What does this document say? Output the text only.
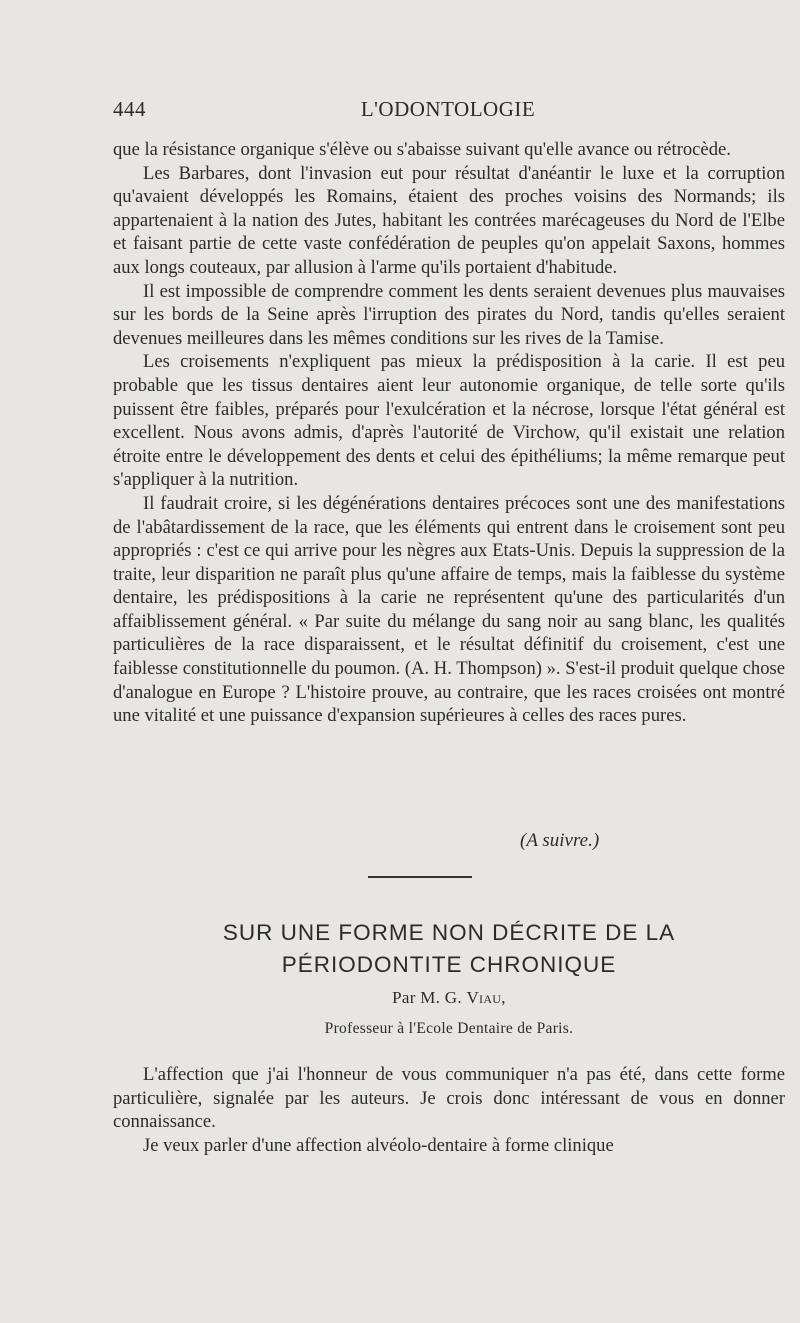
444	L'ODONTOLOGIE

que la résistance organique s'élève ou s'abaisse suivant qu'elle avance ou rétrocède.

Les Barbares, dont l'invasion eut pour résultat d'anéantir le luxe et la corruption qu'avaient développés les Romains, étaient des proches voisins des Normands; ils appartenaient à la nation des Jutes, habitant les contrées marécageuses du Nord de l'Elbe et faisant partie de cette vaste confédération de peuples qu'on appelait Saxons, hommes aux longs couteaux, par allusion à l'arme qu'ils portaient d'habitude.

Il est impossible de comprendre comment les dents seraient devenues plus mauvaises sur les bords de la Seine après l'irruption des pirates du Nord, tandis qu'elles seraient devenues meilleures dans les mêmes conditions sur les rives de la Tamise.

Les croisements n'expliquent pas mieux la prédisposition à la carie. Il est peu probable que les tissus dentaires aient leur autonomie organique, de telle sorte qu'ils puissent être faibles, préparés pour l'exulcération et la nécrose, lorsque l'état général est excellent. Nous avons admis, d'après l'autorité de Virchow, qu'il existait une relation étroite entre le développement des dents et celui des épithéliums; la même remarque peut s'appliquer à la nutrition.

Il faudrait croire, si les dégénérations dentaires précoces sont une des manifestations de l'abâtardissement de la race, que les éléments qui entrent dans le croisement sont peu appropriés : c'est ce qui arrive pour les nègres aux Etats-Unis. Depuis la suppression de la traite, leur disparition ne paraît plus qu'une affaire de temps, mais la faiblesse du système dentaire, les prédispositions à la carie ne représentent qu'une des particularités d'un affaiblissement général. « Par suite du mélange du sang noir au sang blanc, les qualités particulières de la race disparaissent, et le résultat définitif du croisement, c'est une faiblesse constitutionnelle du poumon. (A. H. Thompson) ». S'est-il produit quelque chose d'analogue en Europe ? L'histoire prouve, au contraire, que les races croisées ont montré une vitalité et une puissance d'expansion supérieures à celles des races pures.

(A suivre.)
SUR UNE FORME NON DÉCRITE DE LA
PÉRIODONTITE CHRONIQUE
Par M. G. Viau,
Professeur à l'Ecole Dentaire de Paris.

L'affection que j'ai l'honneur de vous communiquer n'a pas été, dans cette forme particulière, signalée par les auteurs. Je crois donc intéressant de vous en donner connaissance.

Je veux parler d'une affection alvéolo-dentaire à forme clinique
